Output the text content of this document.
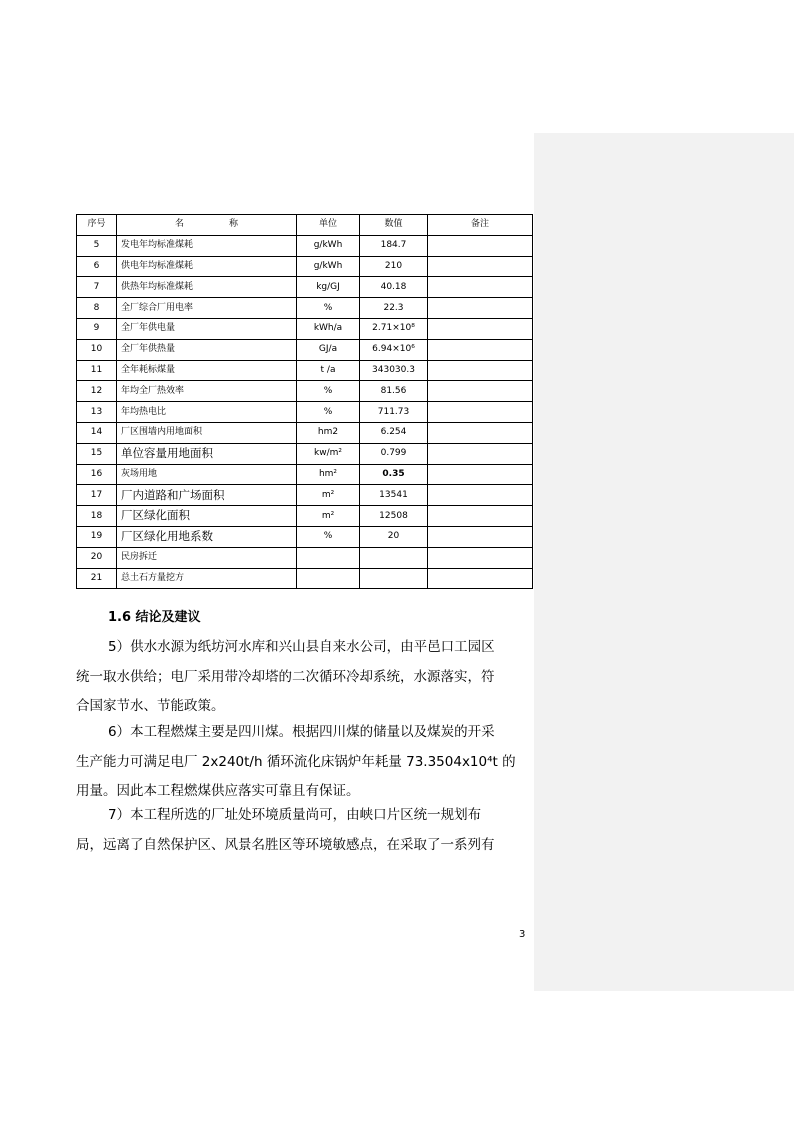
Comment [a1]:
序号	名　　　　　称	单位	数值	备注
5	发电年均标准煤耗	g/kWh	184.7	
6	供电年均标准煤耗	g/kWh	210	
7	供热年均标准煤耗	kg/GJ	40.18	
8	全厂综合厂用电率	%	22.3	
9	全厂年供电量	kWh/a	2.71×10⁸	
10	全厂年供热量	GJ/a	6.94×10⁶	
11	全年耗标煤量	t /a	343030.3	
12	年均全厂热效率	%	81.56	
13	年均热电比	%	711.73	
14	厂区围墙内用地面积	hm2	6.254	
15	单位容量用地面积	kw/m²	0.799	
16	灰场用地	hm²	0.35	
17	厂内道路和广场面积	m²	13541	
18	厂区绿化面积	m²	12508	
19	厂区绿化用地系数	%	20	
20	民房拆迁			
21	总土石方量挖方			
1.6 结论及建议
5）供水水源为纸坊河水库和兴山县自来水公司，由平邑口工园区
统一取水供给；电厂采用带冷却塔的二次循环冷却系统，水源落实，符
合国家节水、节能政策。
6）本工程燃煤主要是四川煤。根据四川煤的储量以及煤炭的开采
生产能力可满足电厂 2x240t/h 循环流化床锅炉年耗量 73.3504x10⁴t 的
用量。因此本工程燃煤供应落实可靠且有保证。
7）本工程所选的厂址处环境质量尚可，由峡口片区统一规划布
局，远离了自然保护区、风景名胜区等环境敏感点，在采取了一系列有
3
